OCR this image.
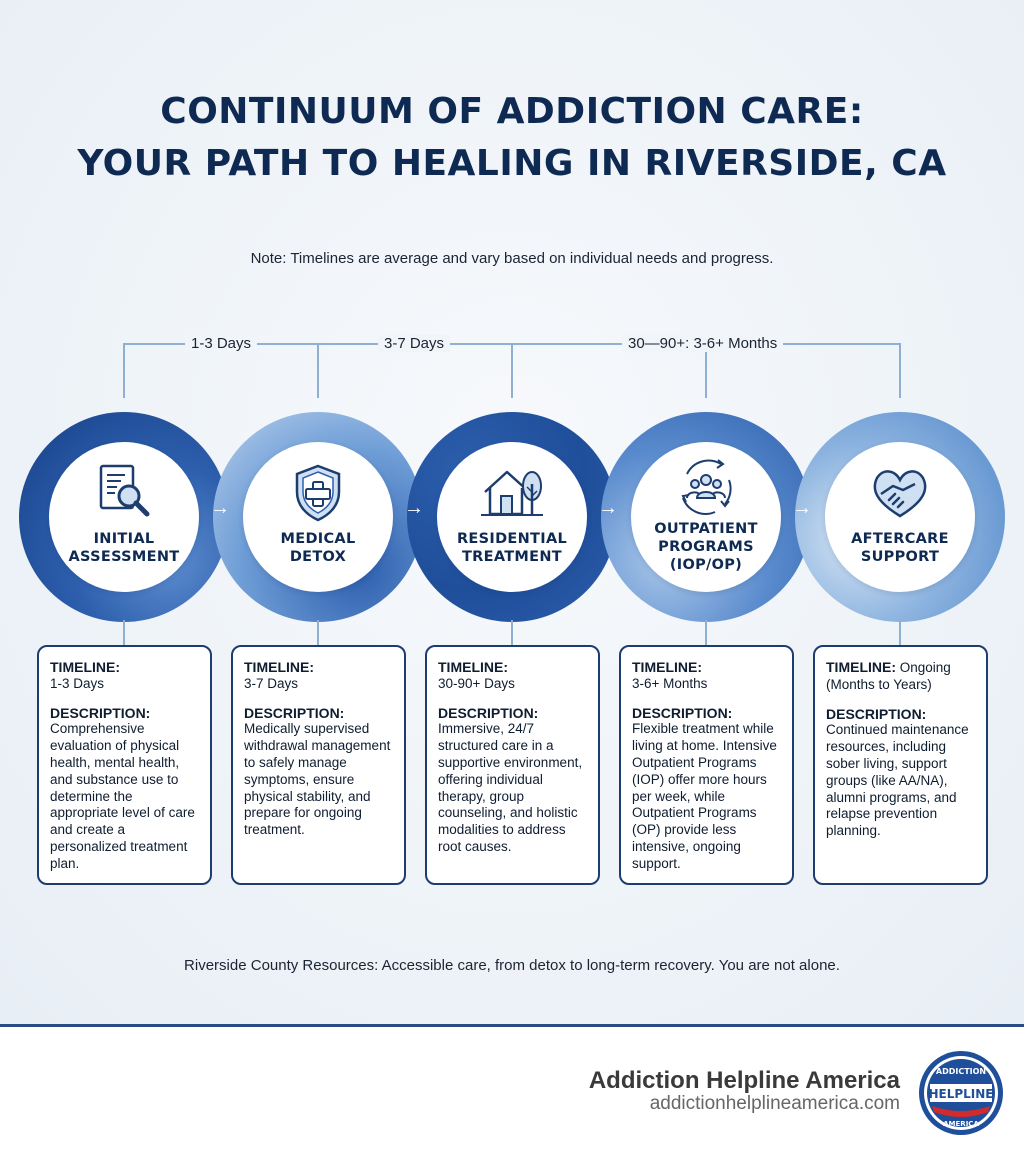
CONTINUUM OF ADDICTION CARE:
YOUR PATH TO HEALING IN RIVERSIDE, CA
Note: Timelines are average and vary based on individual needs and progress.
1-3 Days	3-7 Days	30—90+: 3-6+ Months
INITIAL
ASSESSMENT
MEDICAL
DETOX
RESIDENTIAL
TREATMENT
OUTPATIENT
PROGRAMS
(IOP/OP)
AFTERCARE
SUPPORT
→	→	→	→
TIMELINE:
1-3 Days
DESCRIPTION:
Comprehensive evaluation of physical health, mental health, and substance use to determine the appropriate level of care and create a personalized treatment plan.
TIMELINE:
3-7 Days
DESCRIPTION:
Medically supervised withdrawal management to safely manage symptoms, ensure physical stability, and prepare for ongoing treatment.
TIMELINE:
30-90+ Days
DESCRIPTION:
Immersive, 24/7 structured care in a supportive environment, offering individual therapy, group counseling, and holistic modalities to address root causes.
TIMELINE:
3-6+ Months
DESCRIPTION:
Flexible treatment while living at home. Intensive Outpatient Programs (IOP) offer more hours per week, while Outpatient Programs (OP) provide less intensive, ongoing support.
TIMELINE: Ongoing (Months to Years)
DESCRIPTION:
Continued maintenance resources, including sober living, support groups (like AA/NA), alumni programs, and relapse prevention planning.
Riverside County Resources: Accessible care, from detox to long-term recovery. You are not alone.
Addiction Helpline America
addictionhelplineamerica.com
ADDICTION
HELPLINE
AMERICA
